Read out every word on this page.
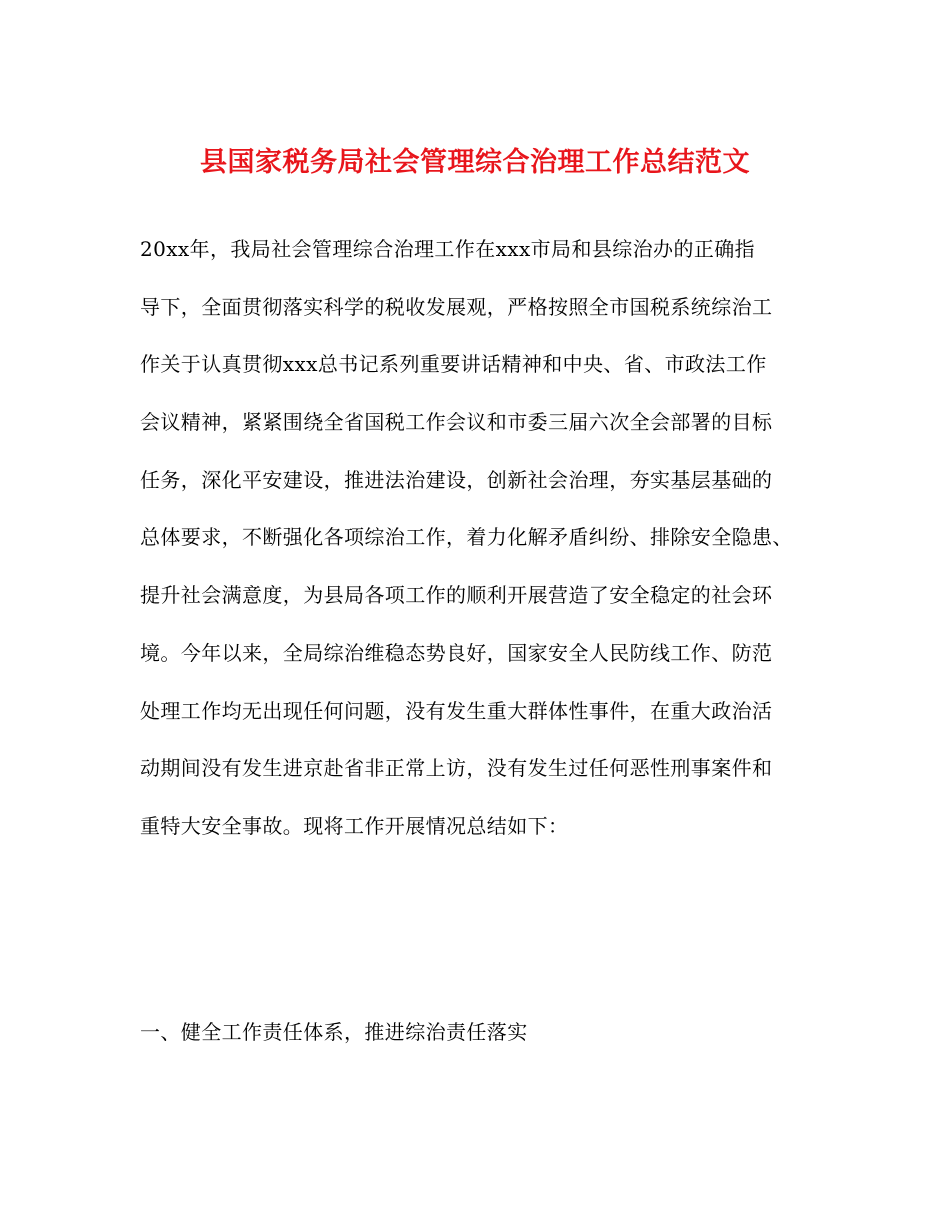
县国家税务局社会管理综合治理工作总结范文
20xx年，我局社会管理综合治理工作在xxx市局和县综治办的正确指
导下，全面贯彻落实科学的税收发展观，严格按照全市国税系统综治工
作关于认真贯彻xxx总书记系列重要讲话精神和中央、省、市政法工作
会议精神，紧紧围绕全省国税工作会议和市委三届六次全会部署的目标
任务，深化平安建设，推进法治建设，创新社会治理，夯实基层基础的
总体要求，不断强化各项综治工作，着力化解矛盾纠纷、排除安全隐患、
提升社会满意度，为县局各项工作的顺利开展营造了安全稳定的社会环
境。今年以来，全局综治维稳态势良好，国家安全人民防线工作、防范
处理工作均无出现任何问题，没有发生重大群体性事件，在重大政治活
动期间没有发生进京赴省非正常上访，没有发生过任何恶性刑事案件和
重特大安全事故。现将工作开展情况总结如下：
一、健全工作责任体系，推进综治责任落实
